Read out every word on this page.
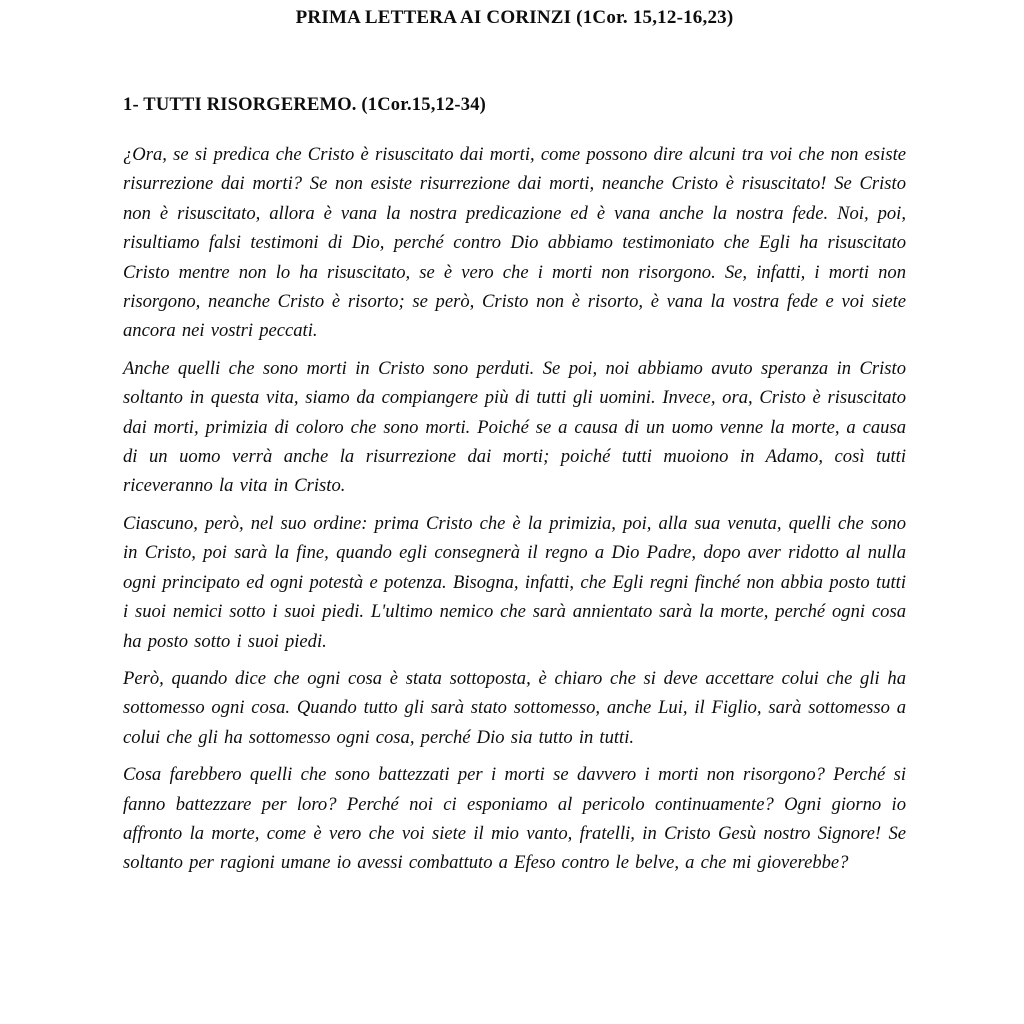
PRIMA LETTERA AI CORINZI (1Cor. 15,12-16,23)
1- TUTTI RISORGEREMO. (1Cor.15,12-34)

¿Ora, se si predica che Cristo è risuscitato dai morti, come possono dire alcuni tra voi che non esiste risurrezione dai morti? Se non esiste risurrezione dai morti, neanche Cristo è risuscitato! Se Cristo non è risuscitato, allora è vana la nostra predicazione ed è vana anche la nostra fede. Noi, poi, risultiamo falsi testimoni di Dio, perché contro Dio abbiamo testimoniato che Egli ha risuscitato Cristo mentre non lo ha risuscitato, se è vero che i morti non risorgono. Se, infatti, i morti non risorgono, neanche Cristo è risorto; se però, Cristo non è risorto, è vana la vostra fede e voi siete ancora nei vostri peccati.

Anche quelli che sono morti in Cristo sono perduti. Se poi, noi abbiamo avuto speranza in Cristo soltanto in questa vita, siamo da compiangere più di tutti gli uomini. Invece, ora, Cristo è risuscitato dai morti, primizia di coloro che sono morti. Poiché se a causa di un uomo venne la morte, a causa di un uomo verrà anche la risurrezione dai morti; poiché tutti muoiono in Adamo, così tutti riceveranno la vita in Cristo.

Ciascuno, però, nel suo ordine: prima Cristo che è la primizia, poi, alla sua venuta, quelli che sono in Cristo, poi sarà la fine, quando egli consegnerà il regno a Dio Padre, dopo aver ridotto al nulla ogni principato ed ogni potestà e potenza. Bisogna, infatti, che Egli regni finché non abbia posto tutti i suoi nemici sotto i suoi piedi. L'ultimo nemico che sarà annientato sarà la morte, perché ogni cosa ha posto sotto i suoi piedi.

Però, quando dice che ogni cosa è stata sottoposta, è chiaro che si deve accettare colui che gli ha sottomesso ogni cosa. Quando tutto gli sarà stato sottomesso, anche Lui, il Figlio, sarà sottomesso a colui che gli ha sottomesso ogni cosa, perché Dio sia tutto in tutti.

Cosa farebbero quelli che sono battezzati per i morti se davvero i morti non risorgono? Perché si fanno battezzare per loro? Perché noi ci esponiamo al pericolo continuamente? Ogni giorno io affronto la morte, come è vero che voi siete il mio vanto, fratelli, in Cristo Gesù nostro Signore! Se soltanto per ragioni umane io avessi combattuto a Efeso contro le belve, a che mi gioverebbe?
